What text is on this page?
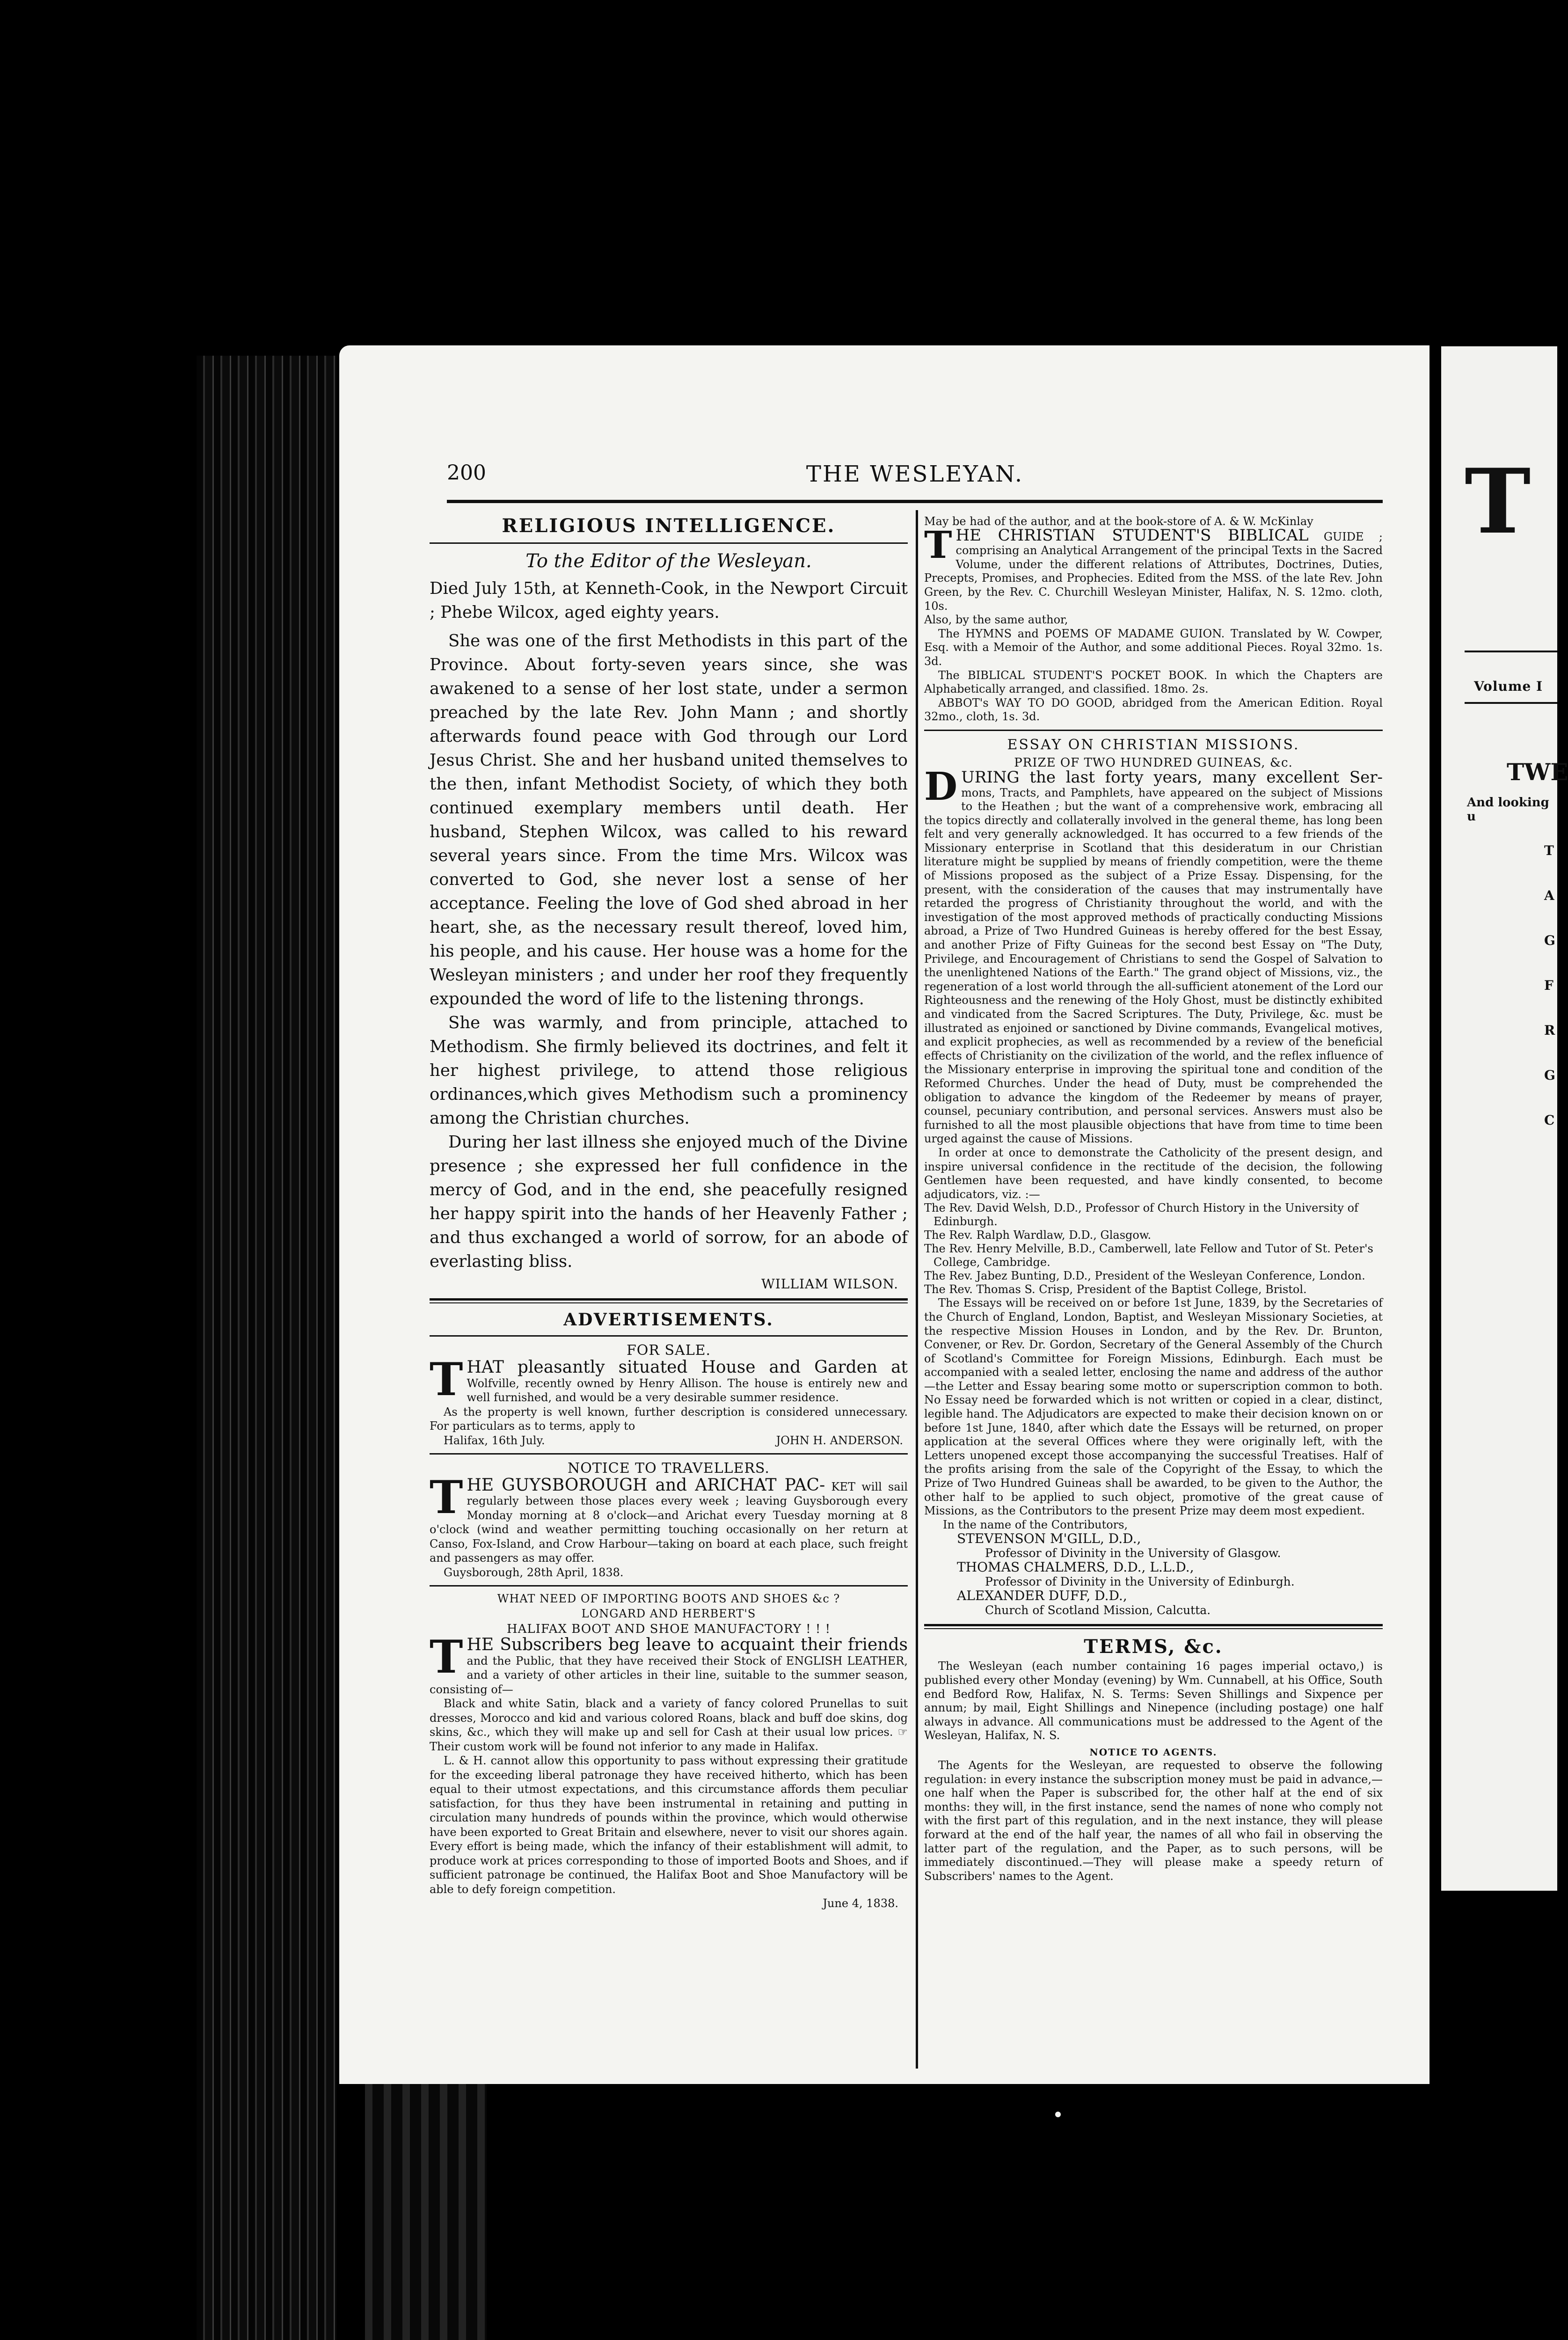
T
Volume I
TWE
And looking u
T
A
G
F
R
G
C
THE WESLEYAN.
200
RELIGIOUS INTELLIGENCE.
To the Editor of the Wesleyan.

Died July 15th, at Kenneth-Cook, in the Newport Circuit ; Phebe Wilcox, aged eighty years.

She was one of the first Methodists in this part of the Province. About forty-seven years since, she was awakened to a sense of her lost state, under a sermon preached by the late Rev. John Mann ; and shortly afterwards found peace with God through our Lord Jesus Christ. She and her husband united themselves to the then, infant Methodist Society, of which they both continued exemplary members until death. Her husband, Stephen Wilcox, was called to his reward several years since. From the time Mrs. Wilcox was converted to God, she never lost a sense of her acceptance. Feeling the love of God shed abroad in her heart, she, as the necessary result thereof, loved him, his people, and his cause. Her house was a home for the Wesleyan ministers ; and under her roof they frequently expounded the word of life to the listening throngs.

She was warmly, and from principle, attached to Methodism. She firmly believed its doctrines, and felt it her highest privilege, to attend those religious ordinances,which gives Methodism such a prominency among the Christian churches.

During her last illness she enjoyed much of the Divine presence ; she expressed her full confidence in the mercy of God, and in the end, she peacefully resigned her happy spirit into the hands of her Heavenly Father ; and thus exchanged a world of sorrow, for an abode of everlasting bliss.

WILLIAM WILSON.
ADVERTISEMENTS.
FOR SALE.

T HAT pleasantly situated House and Garden at Wolfville, recently owned by Henry Allison. The house is entirely new and well furnished, and would be a very desirable summer residence.

As the property is well known, further description is considered unnecessary. For particulars as to terms, apply to

Halifax, 16th July.	JOHN H. ANDERSON.
NOTICE TO TRAVELLERS.

T HE GUYSBOROUGH and ARICHAT PAC- KET will sail regularly between those places every week ; leaving Guysborough every Monday morning at 8 o'clock—and Arichat every Tuesday morning at 8 o'clock (wind and weather permitting touching occasionally on her return at Canso, Fox-Island, and Crow Harbour—taking on board at each place, such freight and passengers as may offer.

Guysborough, 28th April, 1838.

WHAT NEED OF IMPORTING BOOTS AND SHOES &c ?
LONGARD AND HERBERT'S
HALIFAX BOOT AND SHOE MANUFACTORY ! ! !

T HE Subscribers beg leave to acquaint their friends and the Public, that they have received their Stock of ENGLISH LEATHER, and a variety of other articles in their line, suitable to the summer season, consisting of—

Black and white Satin, black and a variety of fancy colored Prunellas to suit dresses, Morocco and kid and various colored Roans, black and buff doe skins, dog skins, &c., which they will make up and sell for Cash at their usual low prices. ☞ Their custom work will be found not inferior to any made in Halifax.

L. & H. cannot allow this opportunity to pass without expressing their gratitude for the exceeding liberal patronage they have received hitherto, which has been equal to their utmost expectations, and this circumstance affords them peculiar satisfaction, for thus they have been instrumental in retaining and putting in circulation many hundreds of pounds within the province, which would otherwise have been exported to Great Britain and elsewhere, never to visit our shores again. Every effort is being made, which the infancy of their establishment will admit, to produce work at prices corresponding to those of imported Boots and Shoes, and if sufficient patronage be continued, the Halifax Boot and Shoe Manufactory will be able to defy foreign competition.

June 4, 1838.

May be had of the author, and at the book-store of A. & W. McKinlay

T HE CHRISTIAN STUDENT'S BIBLICAL GUIDE ; comprising an Analytical Arrangement of the principal Texts in the Sacred Volume, under the different relations of Attributes, Doctrines, Duties, Precepts, Promises, and Prophecies. Edited from the MSS. of the late Rev. John Green, by the Rev. C. Churchill Wesleyan Minister, Halifax, N. S. 12mo. cloth, 10s.

Also, by the same author,

The HYMNS and POEMS OF MADAME GUION. Translated by W. Cowper, Esq. with a Memoir of the Author, and some additional Pieces. Royal 32mo. 1s. 3d.

The BIBLICAL STUDENT'S POCKET BOOK. In which the Chapters are Alphabetically arranged, and classified. 18mo. 2s.

ABBOT's WAY TO DO GOOD, abridged from the American Edition. Royal 32mo., cloth, 1s. 3d.

ESSAY ON CHRISTIAN MISSIONS.
PRIZE OF TWO HUNDRED GUINEAS, &c.

D URING the last forty years, many excellent Ser- mons, Tracts, and Pamphlets, have appeared on the subject of Missions to the Heathen ; but the want of a comprehensive work, embracing all the topics directly and collaterally involved in the general theme, has long been felt and very generally acknowledged. It has occurred to a few friends of the Missionary enterprise in Scotland that this desideratum in our Christian literature might be supplied by means of friendly competition, were the theme of Missions proposed as the subject of a Prize Essay. Dispensing, for the present, with the consideration of the causes that may instrumentally have retarded the progress of Christianity throughout the world, and with the investigation of the most approved methods of practically conducting Missions abroad, a Prize of Two Hundred Guineas is hereby offered for the best Essay, and another Prize of Fifty Guineas for the second best Essay on "The Duty, Privilege, and Encouragement of Christians to send the Gospel of Salvation to the unenlightened Nations of the Earth." The grand object of Missions, viz., the regeneration of a lost world through the all-sufficient atonement of the Lord our Righteousness and the renewing of the Holy Ghost, must be distinctly exhibited and vindicated from the Sacred Scriptures. The Duty, Privilege, &c. must be illustrated as enjoined or sanctioned by Divine commands, Evangelical motives, and explicit prophecies, as well as recommended by a review of the beneficial effects of Christianity on the civilization of the world, and the reflex influence of the Missionary enterprise in improving the spiritual tone and condition of the Reformed Churches. Under the head of Duty, must be comprehended the obligation to advance the kingdom of the Redeemer by means of prayer, counsel, pecuniary contribution, and personal services. Answers must also be furnished to all the most plausible objections that have from time to time been urged against the cause of Missions.

In order at once to demonstrate the Catholicity of the present design, and inspire universal confidence in the rectitude of the decision, the following Gentlemen have been requested, and have kindly consented, to become adjudicators, viz. :—

The Rev. David Welsh, D.D., Professor of Church History in the University of Edinburgh.

The Rev. Ralph Wardlaw, D.D., Glasgow.

The Rev. Henry Melville, B.D., Camberwell, late Fellow and Tutor of St. Peter's College, Cambridge.

The Rev. Jabez Bunting, D.D., President of the Wesleyan Conference, London.

The Rev. Thomas S. Crisp, President of the Baptist College, Bristol.

The Essays will be received on or before 1st June, 1839, by the Secretaries of the Church of England, London, Baptist, and Wesleyan Missionary Societies, at the respective Mission Houses in London, and by the Rev. Dr. Brunton, Convener, or Rev. Dr. Gordon, Secretary of the General Assembly of the Church of Scotland's Committee for Foreign Missions, Edinburgh. Each must be accompanied with a sealed letter, enclosing the name and address of the author—the Letter and Essay bearing some motto or superscription common to both. No Essay need be forwarded which is not written or copied in a clear, distinct, legible hand. The Adjudicators are expected to make their decision known on or before 1st June, 1840, after which date the Essays will be returned, on proper application at the several Offices where they were originally left, with the Letters unopened except those accompanying the successful Treatises. Half of the profits arising from the sale of the Copyright of the Essay, to which the Prize of Two Hundred Guineas shall be awarded, to be given to the Author, the other half to be applied to such object, promotive of the great cause of Missions, as the Contributors to the present Prize may deem most expedient.

In the name of the Contributors,

STEVENSON M'GILL, D.D.,
Professor of Divinity in the University of Glasgow.
THOMAS CHALMERS, D.D., L.L.D.,
Professor of Divinity in the University of Edinburgh.
ALEXANDER DUFF, D.D.,
Church of Scotland Mission, Calcutta.
TERMS, &c.

The Wesleyan (each number containing 16 pages imperial octavo,) is published every other Monday (evening) by Wm. Cunnabell, at his Office, South end Bedford Row, Halifax, N. S. Terms: Seven Shillings and Sixpence per annum; by mail, Eight Shillings and Ninepence (including postage) one half always in advance. All communications must be addressed to the Agent of the Wesleyan, Halifax, N. S.

NOTICE TO AGENTS.

The Agents for the Wesleyan, are requested to observe the following regulation: in every instance the subscription money must be paid in advance,—one half when the Paper is subscribed for, the other half at the end of six months: they will, in the first instance, send the names of none who comply not with the first part of this regulation, and in the next instance, they will please forward at the end of the half year, the names of all who fail in observing the latter part of the regulation, and the Paper, as to such persons, will be immediately discontinued.—They will please make a speedy return of Subscribers' names to the Agent.
